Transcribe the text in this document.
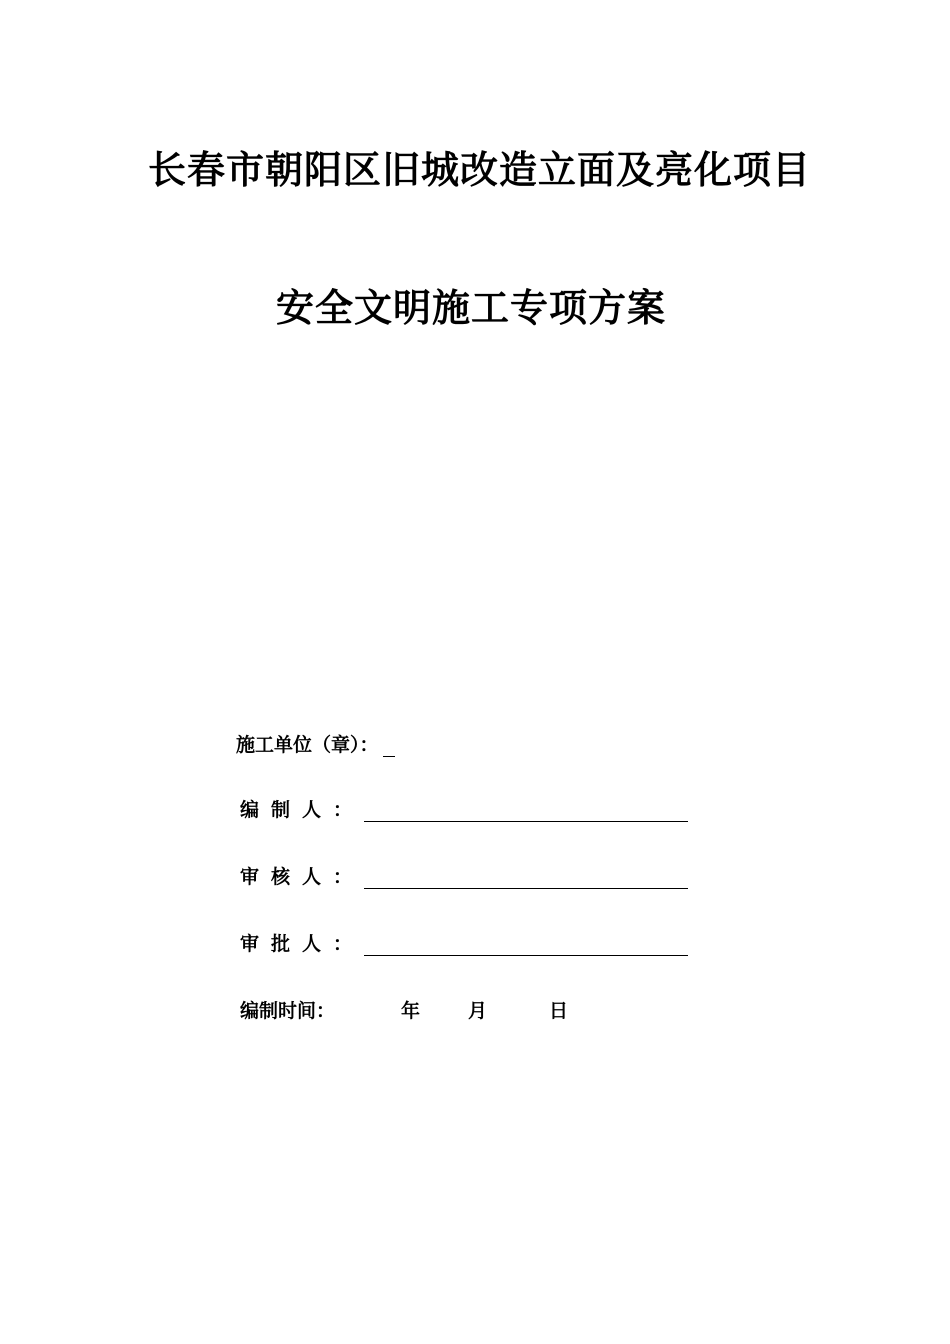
长春市朝阳区旧城改造立面及亮化项目
安全文明施工专项方案
施工单位（章）：
编制人：
审核人：
审批人：
编制时间：	年	月	日
